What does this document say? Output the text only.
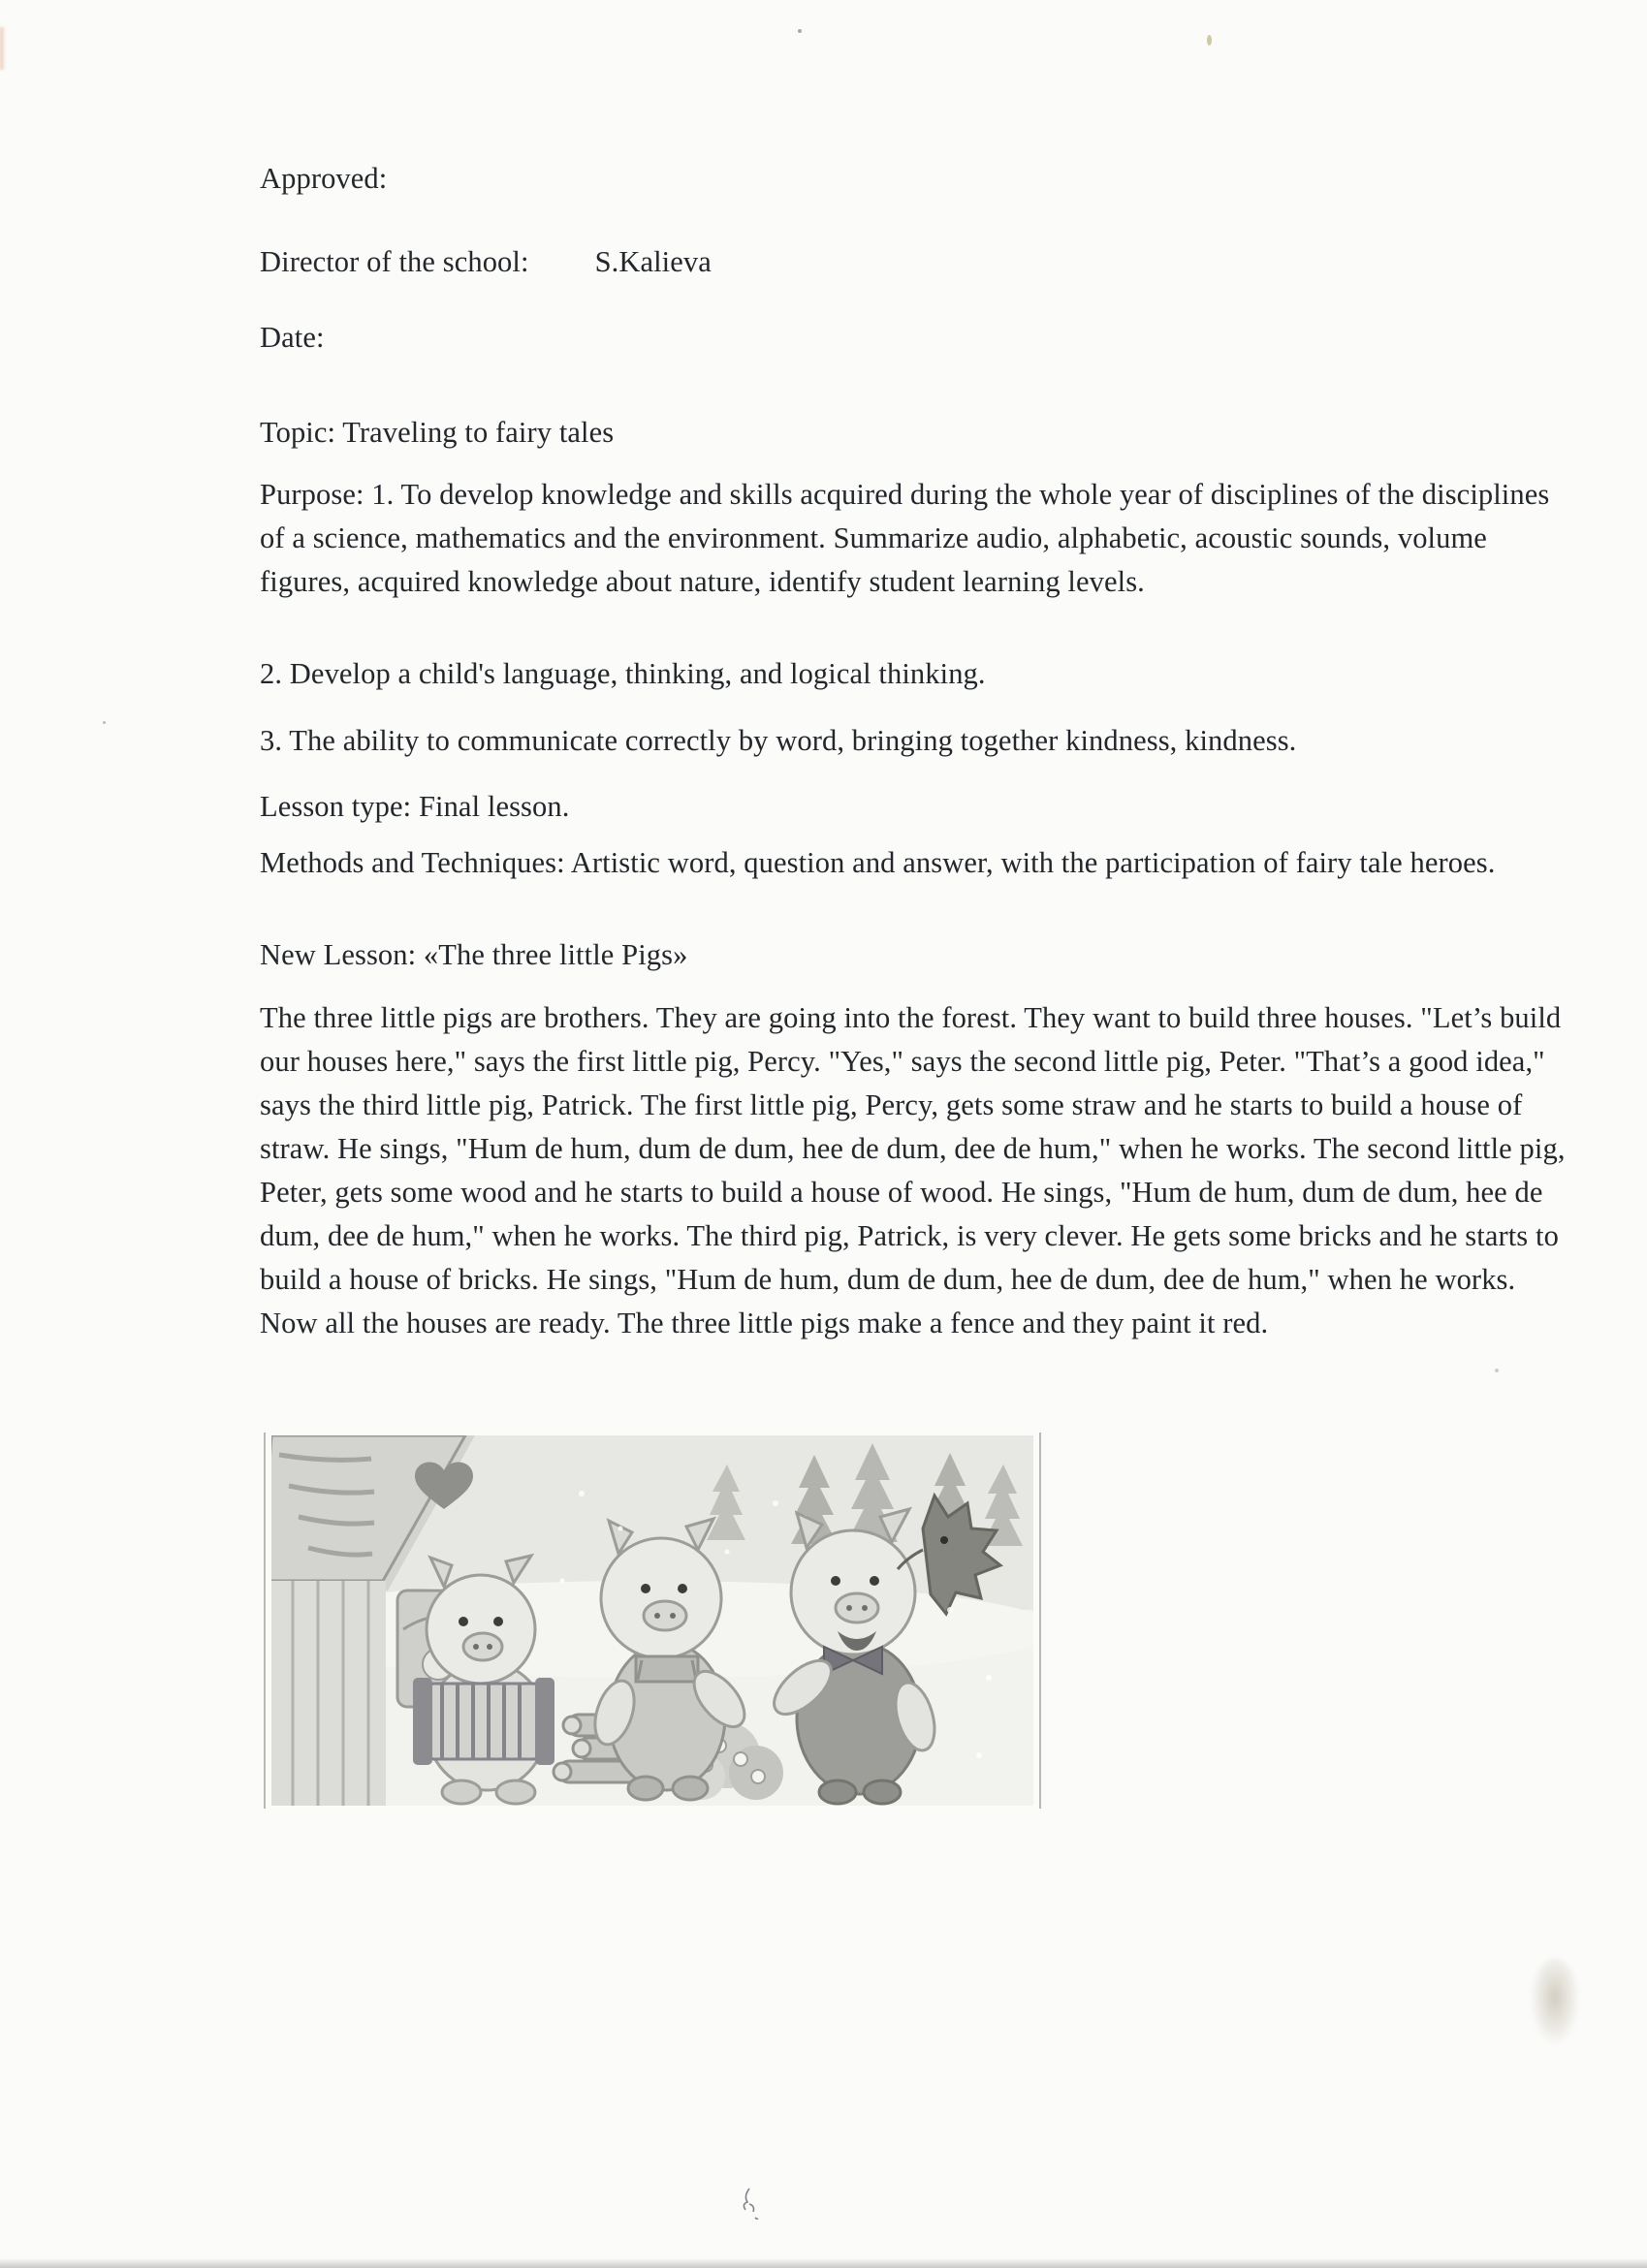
Approved:
Director of the school: S.Kalieva
Date:
Topic: Traveling to fairy tales
Purpose: 1. To develop knowledge and skills acquired during the whole year of disciplines of the disciplines of a science, mathematics and the environment. Summarize audio, alphabetic, acoustic sounds, volume figures, acquired knowledge about nature, identify student learning levels.
2. Develop a child's language, thinking, and logical thinking.
3. The ability to communicate correctly by word, bringing together kindness, kindness.
Lesson type: Final lesson.
Methods and Techniques: Artistic word, question and answer, with the participation of fairy tale heroes.
New Lesson: «The three little Pigs»
The three little pigs are brothers. They are going into the forest. They want to build three houses. "Let’s build our houses here," says the first little pig, Percy. "Yes," says the second little pig, Peter. "That’s a good idea," says the third little pig, Patrick. The first little pig, Percy, gets some straw and he starts to build a house of straw. He sings, "Hum de hum, dum de dum, hee de dum, dee de hum," when he works. The second little pig, Peter, gets some wood and he starts to build a house of wood. He sings, "Hum de hum, dum de dum, hee de dum, dee de hum," when he works. The third pig, Patrick, is very clever. He gets some bricks and he starts to build a house of bricks. He sings, "Hum de hum, dum de dum, hee de dum, dee de hum," when he works. Now all the houses are ready. The three little pigs make a fence and they paint it red.
